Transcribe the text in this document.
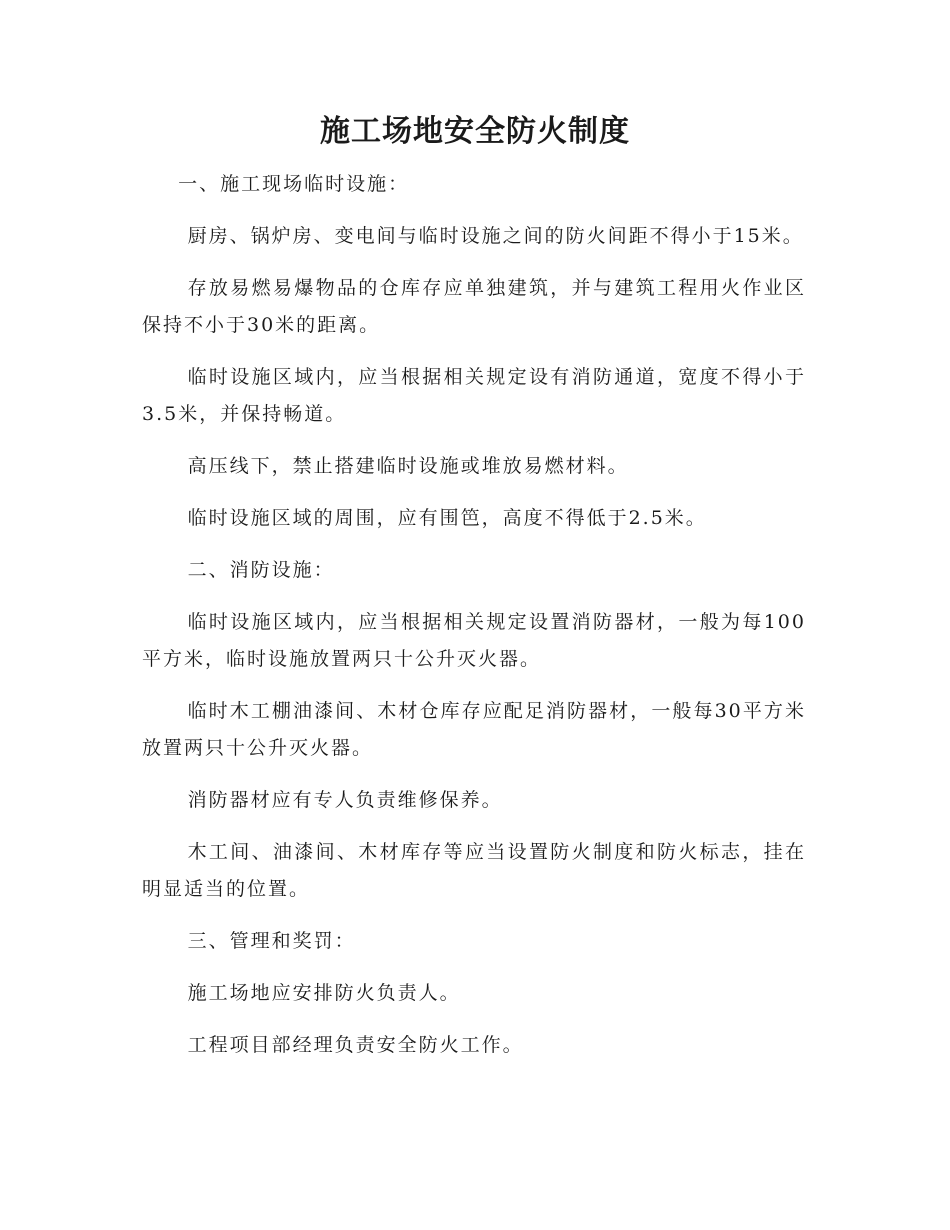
施工场地安全防火制度

一、施工现场临时设施：

厨房、锅炉房、变电间与临时设施之间的防火间距不得小于15米。

存放易燃易爆物品的仓库存应单独建筑，并与建筑工程用火作业区保持不小于30米的距离。

临时设施区域内，应当根据相关规定设有消防通道，宽度不得小于3.5米，并保持畅道。

高压线下，禁止搭建临时设施或堆放易燃材料。

临时设施区域的周围，应有围笆，高度不得低于2.5米。

二、消防设施：

临时设施区域内，应当根据相关规定设置消防器材，一般为每100平方米，临时设施放置两只十公升灭火器。

临时木工棚油漆间、木材仓库存应配足消防器材，一般每30平方米放置两只十公升灭火器。

消防器材应有专人负责维修保养。

木工间、油漆间、木材库存等应当设置防火制度和防火标志，挂在明显适当的位置。

三、管理和奖罚：

施工场地应安排防火负责人。

工程项目部经理负责安全防火工作。
